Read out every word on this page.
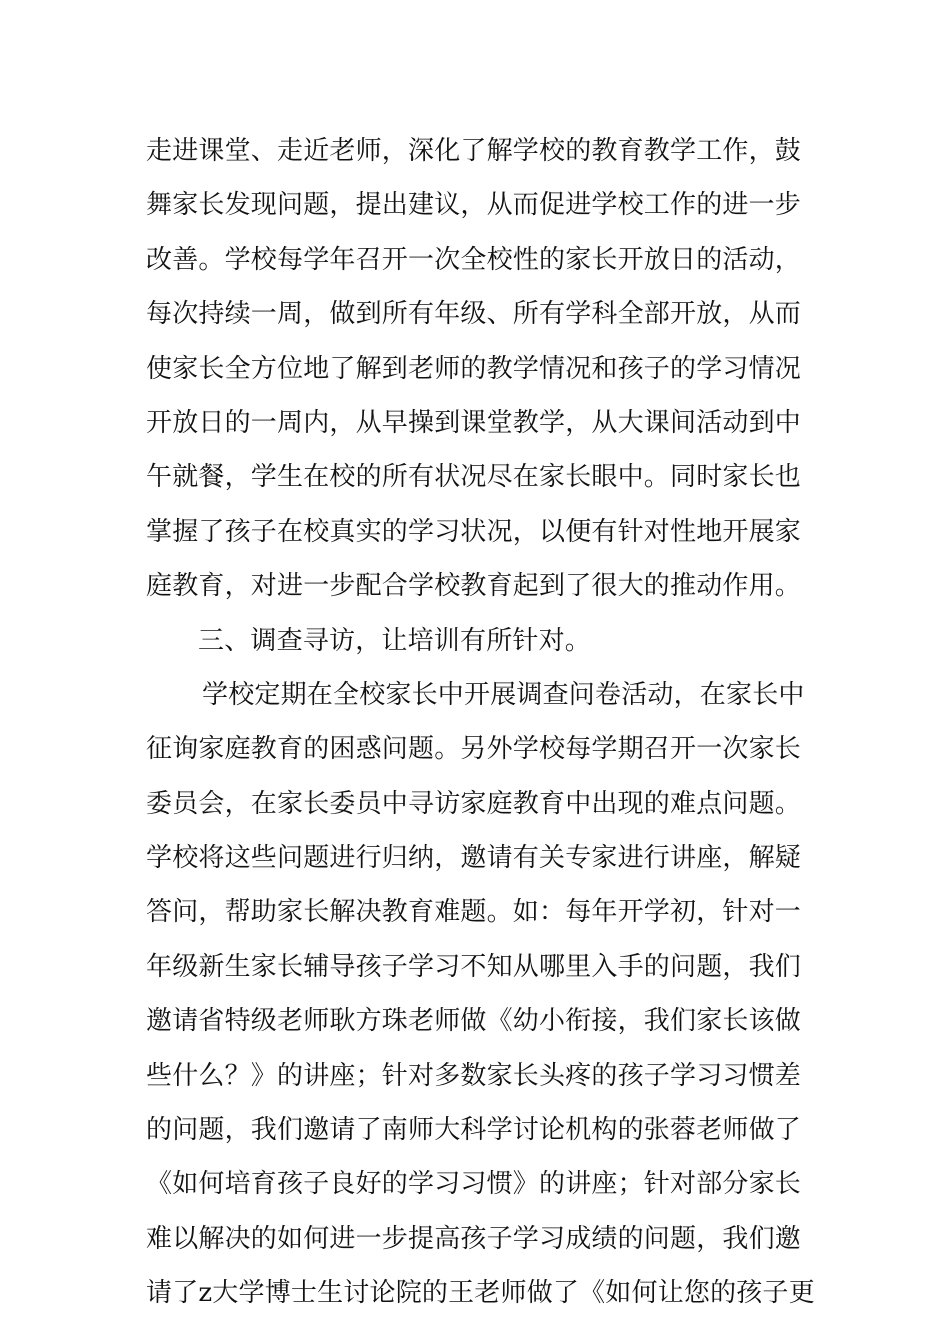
走进课堂、走近老师，深化了解学校的教育教学工作，鼓
舞家长发现问题，提出建议，从而促进学校工作的进一步
改善。学校每学年召开一次全校性的家长开放日的活动，
每次持续一周，做到所有年级、所有学科全部开放，从而
使家长全方位地了解到老师的教学情况和孩子的学习情况
开放日的一周内，从早操到课堂教学，从大课间活动到中
午就餐，学生在校的所有状况尽在家长眼中。同时家长也
掌握了孩子在校真实的学习状况，以便有针对性地开展家
庭教育，对进一步配合学校教育起到了很大的推动作用。
三、调查寻访，让培训有所针对。
学校定期在全校家长中开展调查问卷活动，在家长中
征询家庭教育的困惑问题。另外学校每学期召开一次家长
委员会，在家长委员中寻访家庭教育中出现的难点问题。
学校将这些问题进行归纳，邀请有关专家进行讲座，解疑
答问，帮助家长解决教育难题。如：每年开学初，针对一
年级新生家长辅导孩子学习不知从哪里入手的问题，我们
邀请省特级老师耿方珠老师做《幼小衔接，我们家长该做
些什么？》的讲座；针对多数家长头疼的孩子学习习惯差
的问题，我们邀请了南师大科学讨论机构的张蓉老师做了
《如何培育孩子良好的学习习惯》的讲座；针对部分家长
难以解决的如何进一步提高孩子学习成绩的问题，我们邀
请了z大学博士生讨论院的王老师做了《如何让您的孩子更
